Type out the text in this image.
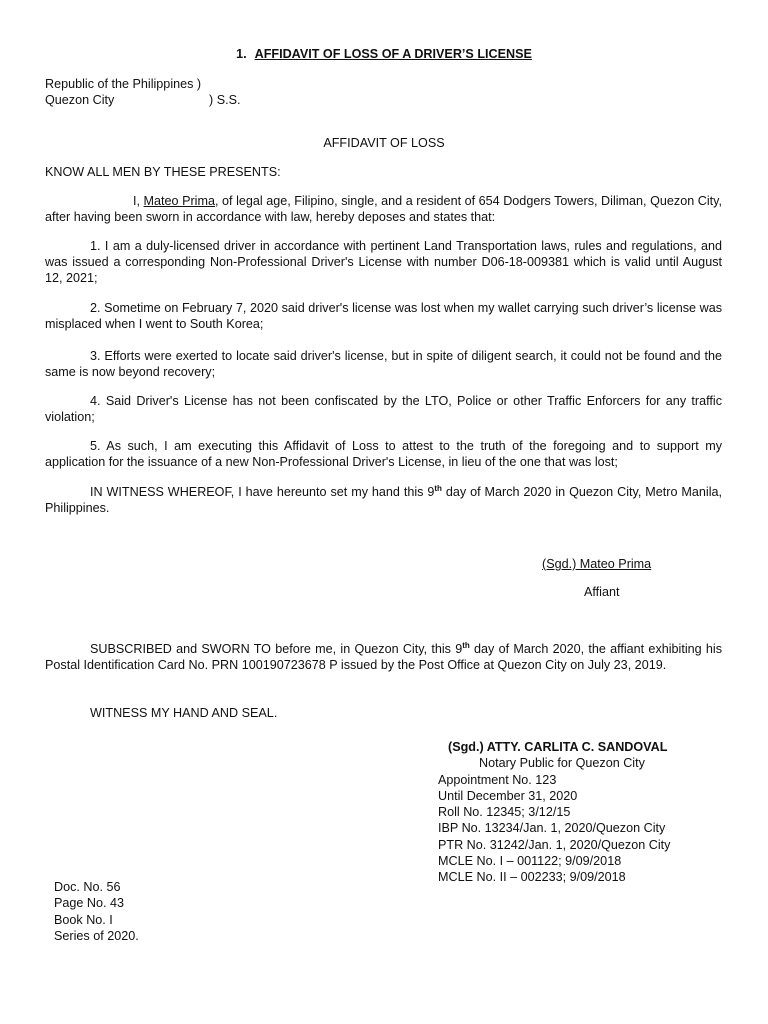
1. AFFIDAVIT OF LOSS OF A DRIVER’S LICENSE
Republic of the Philippines )
Quezon City	) S.S.
AFFIDAVIT OF LOSS
KNOW ALL MEN BY THESE PRESENTS:
I, Mateo Prima, of legal age, Filipino, single, and a resident of 654 Dodgers Towers, Diliman, Quezon City, after having been sworn in accordance with law, hereby deposes and states that:
1. I am a duly-licensed driver in accordance with pertinent Land Transportation laws, rules and regulations, and was issued a corresponding Non-Professional Driver's License with number D06-18-009381 which is valid until August 12, 2021;
2. Sometime on February 7, 2020 said driver's license was lost when my wallet carrying such driver’s license was misplaced when I went to South Korea;
3. Efforts were exerted to locate said driver's license, but in spite of diligent search, it could not be found and the same is now beyond recovery;
4. Said Driver's License has not been confiscated by the LTO, Police or other Traffic Enforcers for any traffic violation;
5. As such, I am executing this Affidavit of Loss to attest to the truth of the foregoing and to support my application for the issuance of a new Non-Professional Driver's License, in lieu of the one that was lost;
IN WITNESS WHEREOF, I have hereunto set my hand this 9th day of March 2020 in Quezon City, Metro Manila, Philippines.
(Sgd.) Mateo Prima
Affiant
SUBSCRIBED and SWORN TO before me, in Quezon City, this 9th day of March 2020, the affiant exhibiting his Postal Identification Card No. PRN 100190723678 P issued by the Post Office at Quezon City on July 23, 2019.
WITNESS MY HAND AND SEAL.
(Sgd.) ATTY. CARLITA C. SANDOVAL
Notary Public for Quezon City
Appointment No. 123
Until December 31, 2020
Roll No. 12345; 3/12/15
IBP No. 13234/Jan. 1, 2020/Quezon City
PTR No. 31242/Jan. 1, 2020/Quezon City
MCLE No. I – 001122; 9/09/2018
MCLE No. II – 002233; 9/09/2018
Doc. No. 56
Page No. 43
Book No. I
Series of 2020.
